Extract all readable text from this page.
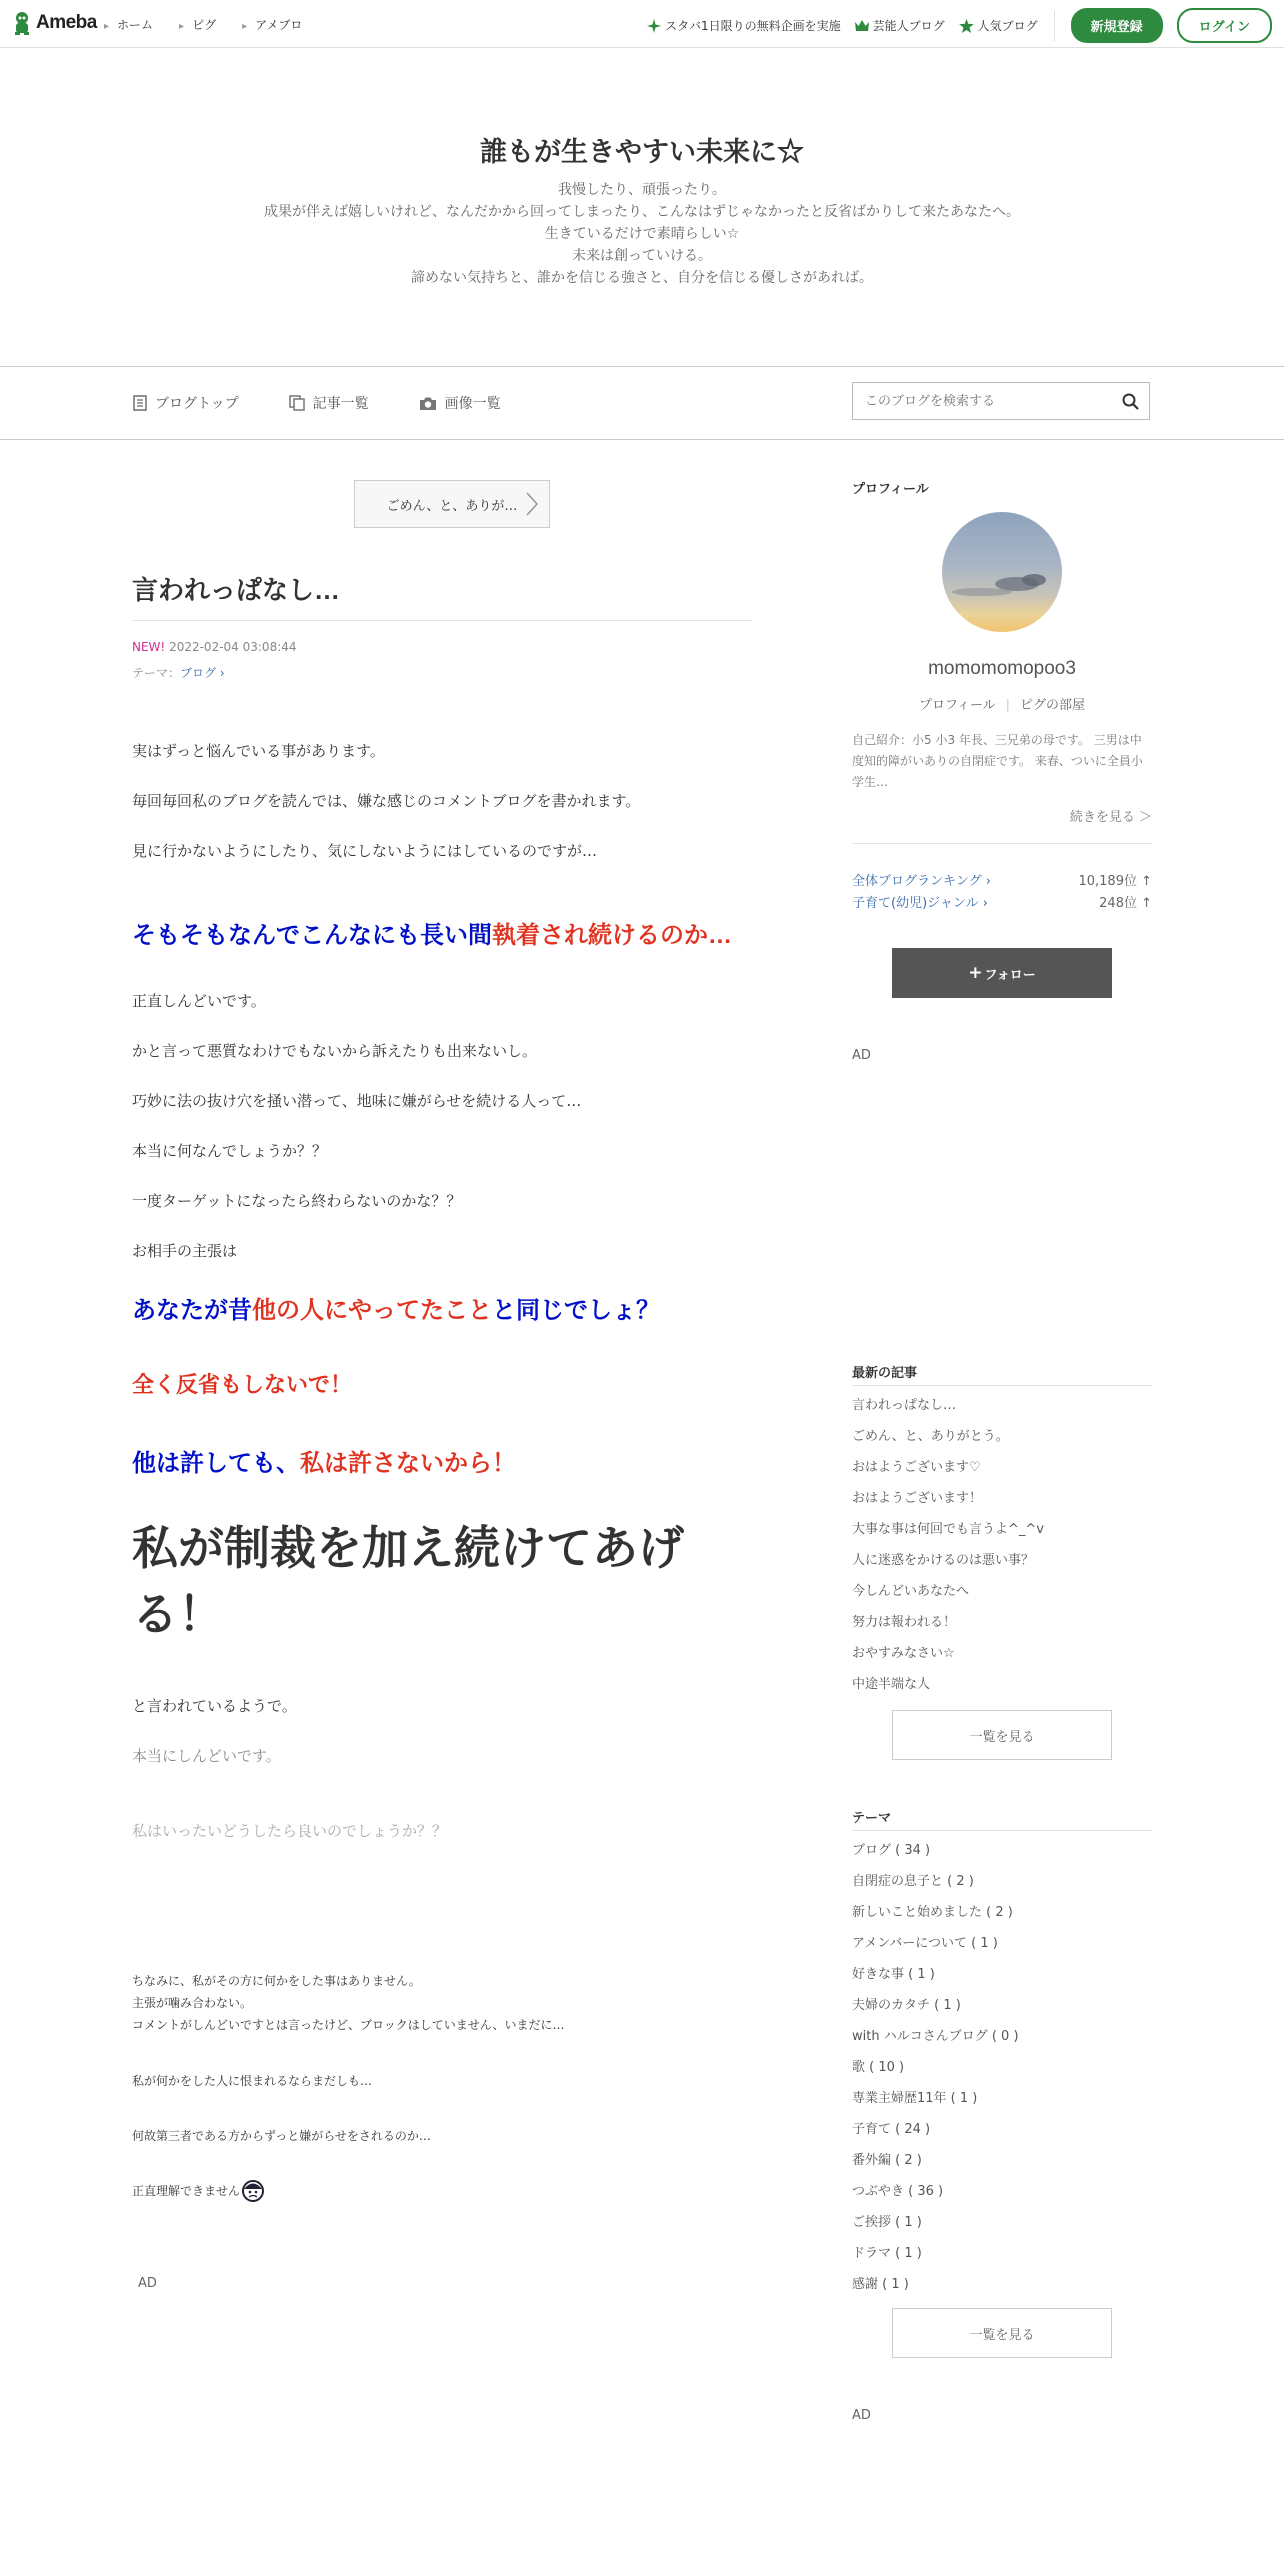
Ameba	▸ ホーム	▸ ピグ	▸ アメブロ	スタバ1日限りの無料企画を実施	芸能人ブログ	人気ブログ	新規登録	ログイン
誰もが生きやすい未来に☆
我慢したり、頑張ったり。
成果が伴えば嬉しいけれど、なんだかから回ってしまったり、こんなはずじゃなかったと反省ばかりして来たあなたへ。
生きているだけで素晴らしい☆
未来は創っていける。
諦めない気持ちと、誰かを信じる強さと、自分を信じる優しさがあれば。
ブログトップ	記事一覧	画像一覧
このブログを検索する
ごめん、と、ありが…
言われっぱなし…
NEW! 2022-02-04 03:08:44
テーマ：ブログ ›

実はずっと悩んでいる事があります。

毎回毎回私のブログを読んでは、嫌な感じのコメントブログを書かれます。

見に行かないようにしたり、気にしないようにはしているのですが…

そもそもなんでこんなにも長い間執着され続けるのか…

正直しんどいです。

かと言って悪質なわけでもないから訴えたりも出来ないし。

巧妙に法の抜け穴を掻い潜って、地味に嫌がらせを続ける人って…

本当に何なんでしょうか？？

一度ターゲットになったら終わらないのかな？？

お相手の主張は

あなたが昔他の人にやってたことと同じでしょ？

全く反省もしないで！

他は許しても、私は許さないから！

私が制裁を加え続けてあげる！

と言われているようで。

本当にしんどいです。

私はいったいどうしたら良いのでしょうか？？

ちなみに、私がその方に何かをした事はありません。

主張が噛み合わない。

コメントがしんどいですとは言ったけど、ブロックはしていません、いまだに…

私が何かをした人に恨まれるならまだしも…

何故第三者である方からずっと嫌がらせをされるのか…

正直理解できません

AD
プロフィール
momomomopoo3
プロフィール | ピグの部屋
自己紹介：小5 小3 年長、三兄弟の母です。 三男は中度知的障がいありの自閉症です。 来春、ついに全員小学生…
続きを見る ＞
全体ブログランキング ›	10,189位 ↑
子育て(幼児)ジャンル ›	248位 ↑
+ フォロー
AD
最新の記事
言われっぱなし…
ごめん、と、ありがとう。
おはようございます♡
おはようございます！
大事な事は何回でも言うよ^_^v
人に迷惑をかけるのは悪い事？
今しんどいあなたへ
努力は報われる！
おやすみなさい☆
中途半端な人
一覧を見る
テーマ
ブログ ( 34 )
自閉症の息子と ( 2 )
新しいこと始めました ( 2 )
アメンバーについて ( 1 )
好きな事 ( 1 )
夫婦のカタチ ( 1 )
with ハルコさんブログ ( 0 )
歌 ( 10 )
専業主婦歴11年 ( 1 )
子育て ( 24 )
番外編 ( 2 )
つぶやき ( 36 )
ご挨拶 ( 1 )
ドラマ ( 1 )
感謝 ( 1 )
一覧を見る
AD
